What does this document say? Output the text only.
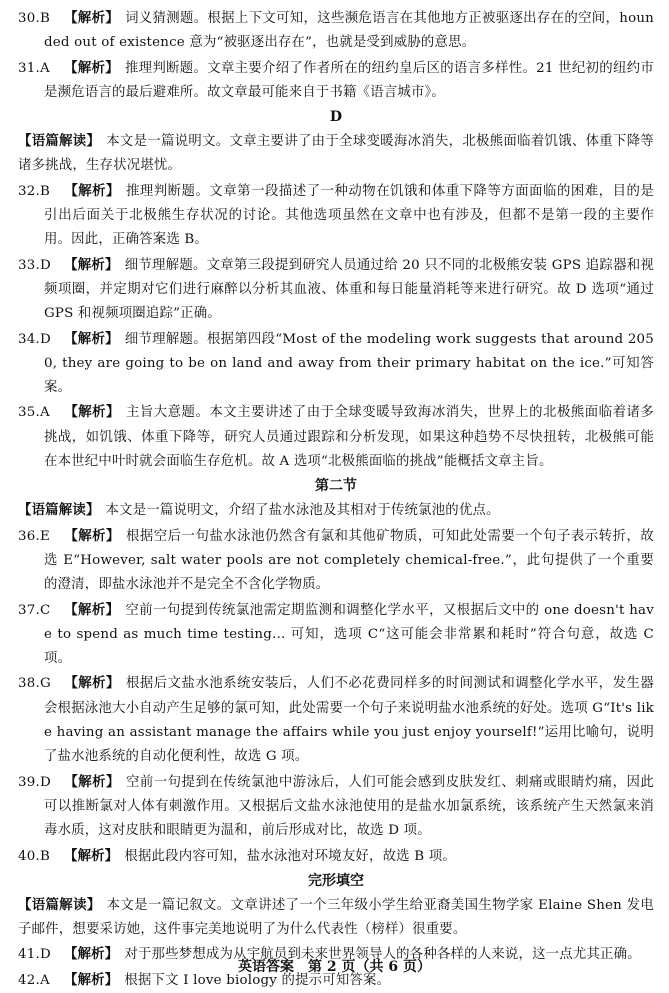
30.B 【解析】 词义猜测题。根据上下文可知，这些濒危语言在其他地方正被驱逐出存在的空间，hounded out of existence 意为“被驱逐出存在”，也就是受到威胁的意思。

31.A 【解析】 推理判断题。文章主要介绍了作者所在的纽约皇后区的语言多样性。21 世纪初的纽约市是濒危语言的最后避难所。故文章最可能来自于书籍《语言城市》。

D

【语篇解读】 本文是一篇说明文。文章主要讲了由于全球变暖海冰消失，北极熊面临着饥饿、体重下降等诸多挑战，生存状况堪忧。

32.B 【解析】 推理判断题。文章第一段描述了一种动物在饥饿和体重下降等方面面临的困难，目的是引出后面关于北极熊生存状况的讨论。其他选项虽然在文章中也有涉及，但都不是第一段的主要作用。因此，正确答案选 B。

33.D 【解析】 细节理解题。文章第三段提到研究人员通过给 20 只不同的北极熊安装 GPS 追踪器和视频项圈，并定期对它们进行麻醉以分析其血液、体重和每日能量消耗等来进行研究。故 D 选项“通过 GPS 和视频项圈追踪”正确。

34.D 【解析】 细节理解题。根据第四段“Most of the modeling work suggests that around 2050, they are going to be on land and away from their primary habitat on the ice.”可知答案。

35.A 【解析】 主旨大意题。本文主要讲述了由于全球变暖导致海冰消失，世界上的北极熊面临着诸多挑战，如饥饿、体重下降等，研究人员通过跟踪和分析发现，如果这种趋势不尽快扭转，北极熊可能在本世纪中叶时就会面临生存危机。故 A 选项“北极熊面临的挑战”能概括文章主旨。

第二节

【语篇解读】 本文是一篇说明文，介绍了盐水泳池及其相对于传统氯池的优点。

36.E 【解析】 根据空后一句盐水泳池仍然含有氯和其他矿物质，可知此处需要一个句子表示转折，故选 E“However, salt water pools are not completely chemical-free.”，此句提供了一个重要的澄清，即盐水泳池并不是完全不含化学物质。

37.C 【解析】 空前一句提到传统氯池需定期监测和调整化学水平，又根据后文中的 one doesn't have to spend as much time testing… 可知，选项 C“这可能会非常累和耗时”符合句意，故选 C 项。

38.G 【解析】 根据后文盐水池系统安装后，人们不必花费同样多的时间测试和调整化学水平，发生器会根据泳池大小自动产生足够的氯可知，此处需要一个句子来说明盐水池系统的好处。选项 G“It's like having an assistant manage the affairs while you just enjoy yourself!”运用比喻句，说明了盐水池系统的自动化便利性，故选 G 项。

39.D 【解析】 空前一句提到在传统氯池中游泳后，人们可能会感到皮肤发红、刺痛或眼睛灼痛，因此可以推断氯对人体有刺激作用。又根据后文盐水泳池使用的是盐水加氯系统，该系统产生天然氯来消毒水质，这对皮肤和眼睛更为温和，前后形成对比，故选 D 项。

40.B 【解析】 根据此段内容可知，盐水泳池对环境友好，故选 B 项。

完形填空

【语篇解读】 本文是一篇记叙文。文章讲述了一个三年级小学生给亚裔美国生物学家 Elaine Shen 发电子邮件，想要采访她，这件事完美地说明了为什么代表性（榜样）很重要。

41.D 【解析】 对于那些梦想成为从宇航员到未来世界领导人的各种各样的人来说，这一点尤其正确。

42.A 【解析】 根据下文 I love biology 的提示可知答案。

英语答案　第 2 页（共 6 页）
